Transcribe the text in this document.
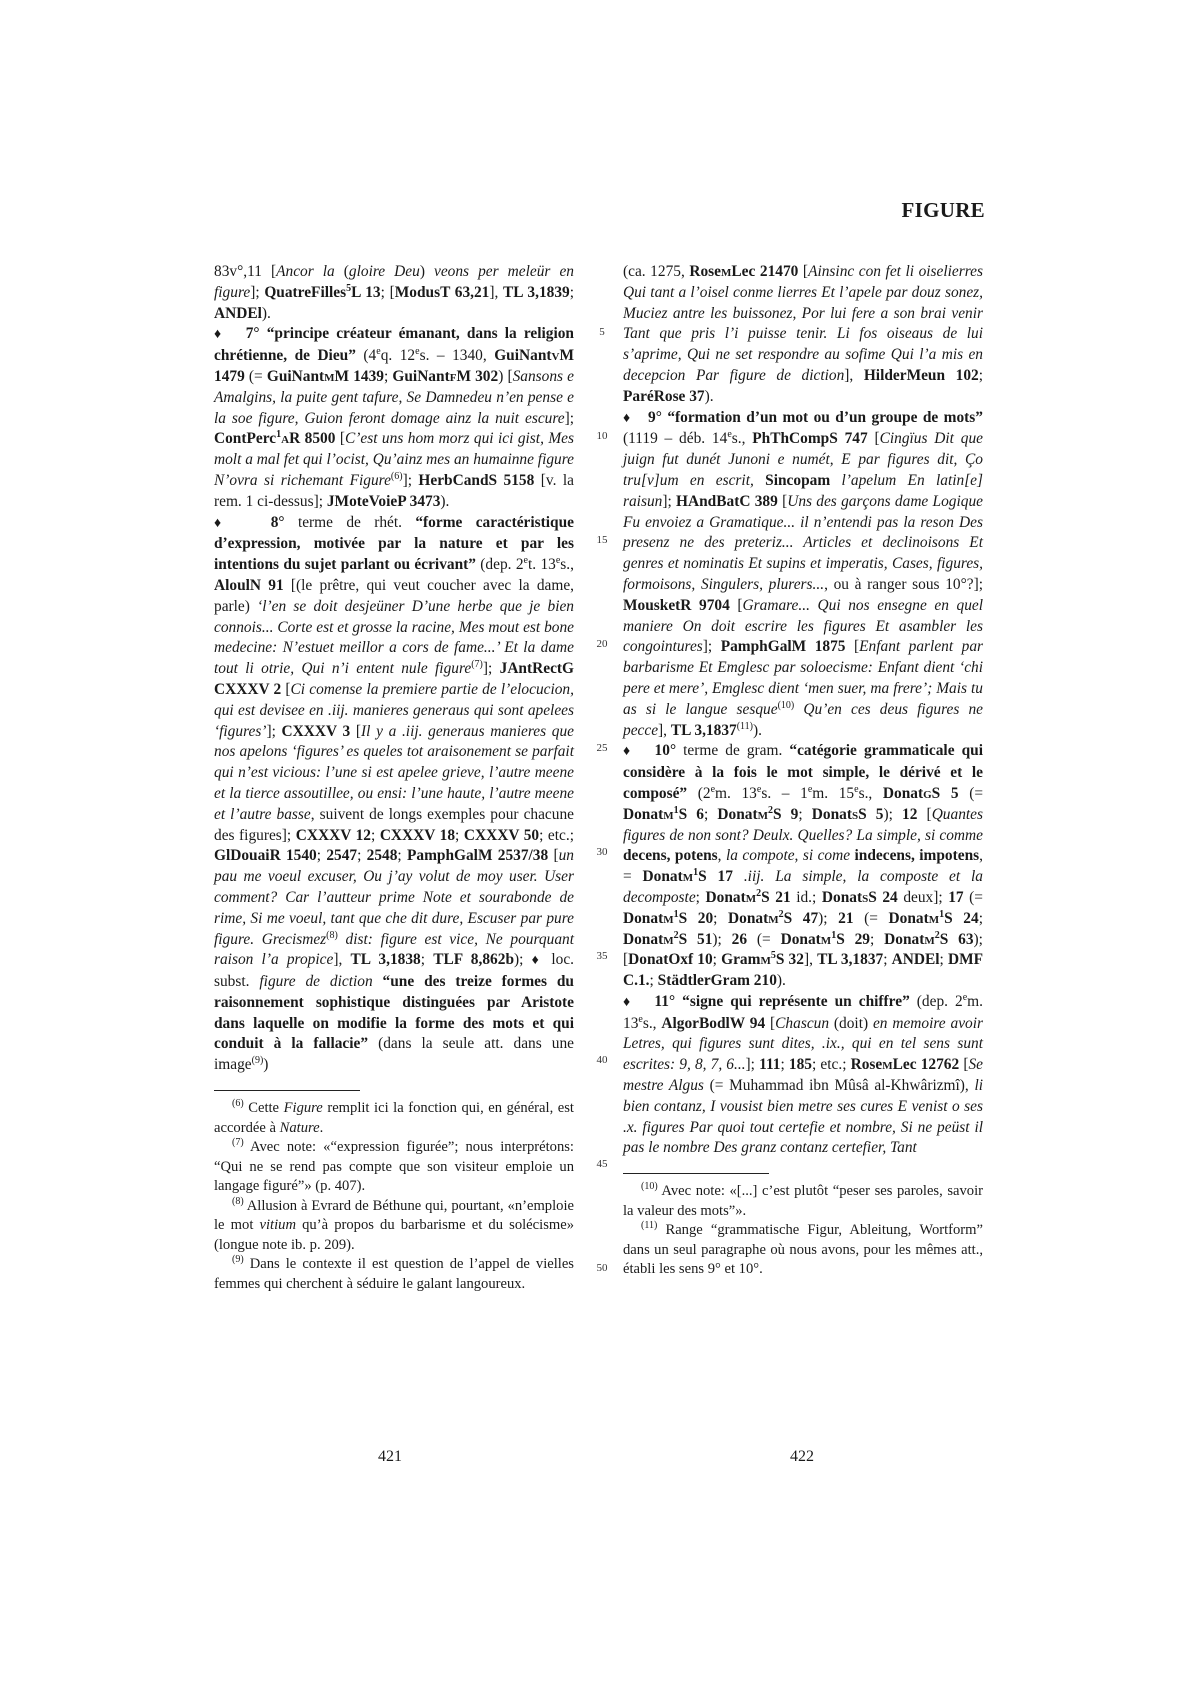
FIGURE

83v°,11 [Ancor la (gloire Deu) veons per meleür en figure]; QuatreFilles$^5$L 13; [ModusT 63,21], TL 3,1839; ANDEl).

♦ 7° “principe créateur émanant, dans la religion chrétienne, de Dieu” (4eq. 12es. – 1340, GuiNantvM 1479 (= GuiNantmM 1439; GuiNantfM 302) [Sansons e Amalgins, la puite gent tafure, Se Damnedeu n’en pense e la soe figure, Guion feront domage ainz la nuit escure]; ContPerc$^1$aR 8500 [C’est uns hom morz qui ici gist, Mes molt a mal fet qui l’ocist, Qu’ainz mes an humainne figure N’ovra si richemant Figure$^{(6)}$]; HerbCandS 5158 [v. la rem. 1 ci-dessus]; JMoteVoieP 3473).

♦	8° terme de rhét. “forme caractéristique d’expression, motivée par la nature et par les intentions du sujet parlant ou écrivant” (dep. 2et. 13es., AloulN 91 [(le prêtre, qui veut coucher avec la dame, parle) ‘l’en se doit desjeüner D’une herbe que je bien connois... Corte est et grosse la racine, Mes mout est bone medecine: N’estuet meillor a cors de fame...’ Et la dame tout li otrie, Qui n’i entent nule figure$^{(7)}$]; JAntRectG CXXXV 2 [Ci comense la premiere partie de l’elocucion, qui est devisee en .iij. manieres generaus qui sont apelees ‘figures’]; CXXXV 3 [Il y a .iij. generaus manieres que nos apelons ‘figures’ es queles tot araisonement se parfait qui n’est vicious: l’une si est apelee grieve, l’autre meene et la tierce assoutillee, ou ensi: l’une haute, l’autre meene et l’autre basse, suivent de longs exemples pour chacune des figures]; CXXXV 12; CXXXV 18; CXXXV 50; etc.; GlDouaiR 1540; 2547; 2548; PamphGalM 2537/38 [un pau me voeul excuser, Ou j’ay volut de moy user. User comment? Car l’autteur prime Note et sourabonde de rime, Si me voeul, tant que che dit dure, Escuser par pure figure. Grecismez$^{(8)}$ dist: figure est vice, Ne pourquant raison l’a propice], TL 3,1838; TLF 8,862b); ♦ loc. subst. figure de diction “une des treize formes du raisonnement sophistique distinguées par Aristote dans laquelle on modifie la forme des mots et qui conduit à la fallacie” (dans la seule att. dans une image$^{(9)}$)

$^{(6)}$ Cette Figure remplit ici la fonction qui, en général, est accordée à Nature.

$^{(7)}$ Avec note: «“expression figurée”; nous interprétons: “Qui ne se rend pas compte que son visiteur emploie un langage figuré”» (p. 407).

$^{(8)}$ Allusion à Evrard de Béthune qui, pourtant, «n’emploie le mot vitium qu’à propos du barbarisme et du solécisme» (longue note ib. p. 209).

$^{(9)}$ Dans le contexte il est question de l’appel de vielles femmes qui cherchent à séduire le galant langoureux.

5
10
15
20
25
30
35
40
45
50

(ca. 1275, RosemLec 21470 [Ainsinc con fet li oiselierres Qui tant a l’oisel conme lierres Et l’apele par douz sonez, Muciez antre les buissonez, Por lui fere a son brai venir Tant que pris l’i puisse tenir. Li fos oiseaus de lui s’aprime, Qui ne set respondre au sofime Qui l’a mis en decepcion Par figure de diction], HilderMeun 102; ParéRose 37).

♦ 9° “formation d’un mot ou d’un groupe de mots” (1119 – déb. 14es., PhThCompS 747 [Cingïus Dit que juign fut dunét Junoni e numét, E par figures dit, Ço tru[v]um en escrit, Sincopam l’apelum En latin[e] raisun]; HAndBatC 389 [Uns des garçons dame Logique Fu envoiez a Gramatique... il n’entendi pas la reson Des presenz ne des preteriz... Articles et declinoisons Et genres et nominatis Et supins et imperatis, Cases, figures, formoisons, Singulers, plurers..., ou à ranger sous 10°?]; MousketR 9704 [Gramare... Qui nos ensegne en quel maniere On doit escrire les figures Et asambler les congointures]; PamphGalM 1875 [Enfant parlent par barbarisme Et Emglesc par soloecisme: Enfant dient ‘chi pere et mere’, Emglesc dient ‘men suer, ma frere’; Mais tu as si le langue sesque$^{(10)}$ Qu’en ces deus figures ne pecce], TL 3,1837$^{(11)}$).

♦ 10° terme de gram. “catégorie grammaticale qui considère à la fois le mot simple, le dérivé et le composé” (2em. 13es. – 1em. 15es., DonatgS 5 (= Donatm$^1$S 6; Donatm$^2$S 9; DonatsS 5); 12 [Quantes figures de non sont? Deulx. Quelles? La simple, si comme decens, potens, la compote, si come indecens, impotens, = Donatm$^1$S 17 .iij. La simple, la composte et la decomposte; Donatm$^2$S 21 id.; DonatsS 24 deux]; 17 (= Donatm$^1$S 20; Donatm$^2$S 47); 21 (= Donatm$^1$S 24; Donatm$^2$S 51); 26 (= Donatm$^1$S 29; Donatm$^2$S 63); [DonatOxf 10; Gramm$^5$S 32], TL 3,1837; ANDEl; DMF C.1.; StädtlerGram 210).

♦ 11° “signe qui représente un chiffre” (dep. 2em. 13es., AlgorBodlW 94 [Chascun (doit) en memoire avoir Letres, qui figures sunt dites, .ix., qui en tel sens sunt escrites: 9, 8, 7, 6...]; 111; 185; etc.; RosemLec 12762 [Se mestre Algus (= Muhammad ibn Mûsâ al-Khwârizmî), li bien contanz, I vousist bien metre ses cures E venist o ses .x. figures Par quoi tout certefie et nombre, Si ne peüst il pas le nombre Des granz contanz certefier, Tant

$^{(10)}$ Avec note: «[...] c’est plutôt “peser ses paroles, savoir la valeur des mots”».

$^{(11)}$ Range “grammatische Figur, Ableitung, Wortform” dans un seul paragraphe où nous avons, pour les mêmes att., établi les sens 9° et 10°.

421	422
